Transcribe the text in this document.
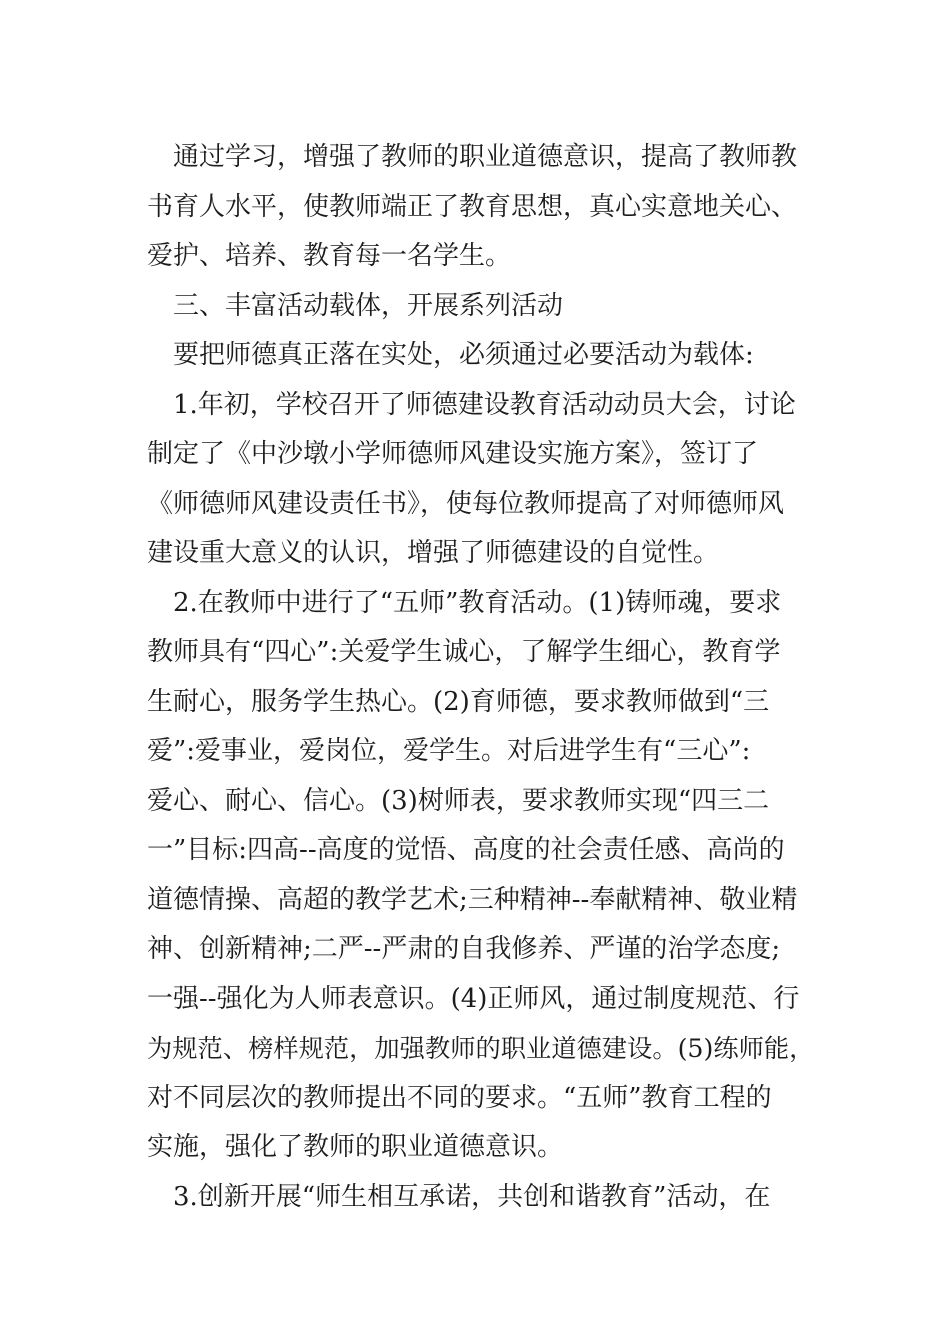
通过学习，增强了教师的职业道德意识，提高了教师教
书育人水平，使教师端正了教育思想，真心实意地关心、
爱护、培养、教育每一名学生。
三、丰富活动载体，开展系列活动
要把师德真正落在实处，必须通过必要活动为载体:
1.年初，学校召开了师德建设教育活动动员大会，讨论
制定了《中沙墩小学师德师风建设实施方案》，签订了
《师德师风建设责任书》，使每位教师提高了对师德师风
建设重大意义的认识，增强了师德建设的自觉性。
2.在教师中进行了“五师”教育活动。(1)铸师魂，要求
教师具有“四心”:关爱学生诚心，了解学生细心，教育学
生耐心，服务学生热心。(2)育师德，要求教师做到“三
爱”:爱事业，爱岗位，爱学生。对后进学生有“三心”:
爱心、耐心、信心。(3)树师表，要求教师实现“四三二
一”目标:四高--高度的觉悟、高度的社会责任感、高尚的
道德情操、高超的教学艺术;三种精神--奉献精神、敬业精
神、创新精神;二严--严肃的自我修养、严谨的治学态度;
一强--强化为人师表意识。(4)正师风，通过制度规范、行
为规范、榜样规范，加强教师的职业道德建设。(5)练师能，
对不同层次的教师提出不同的要求。“五师”教育工程的
实施，强化了教师的职业道德意识。
3.创新开展“师生相互承诺，共创和谐教育”活动，在
